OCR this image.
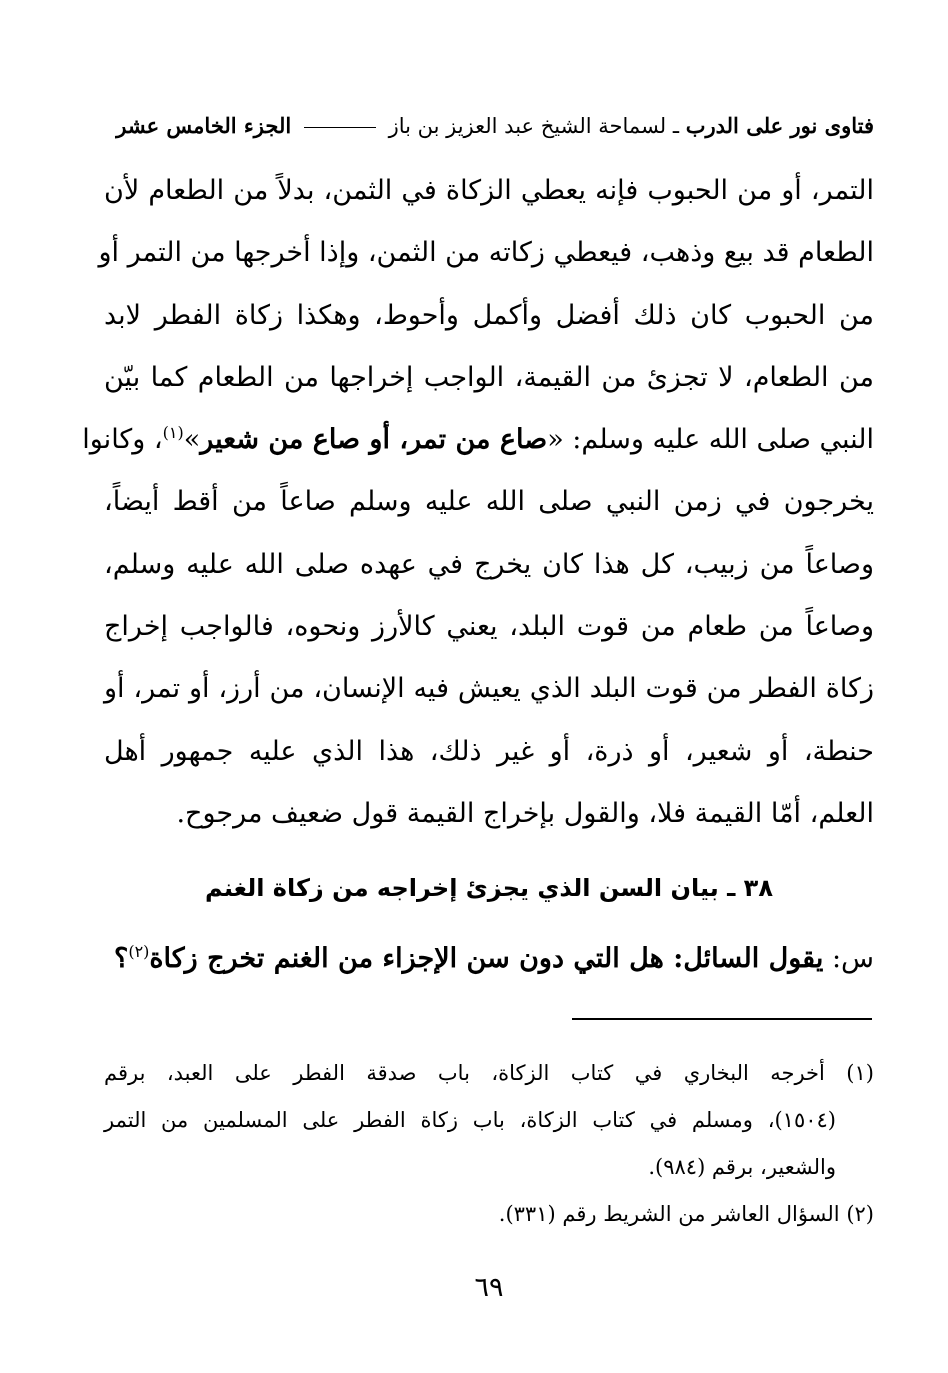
فتاوى نور على الدرب ـ لسماحة الشيخ عبد العزيز بن باز  الجزء الخامس عشر
التمر، أو من الحبوب فإنه يعطي الزكاة في الثمن، بدلاً من الطعام لأن
الطعام قد بيع وذهب، فيعطي زكاته من الثمن، وإذا أخرجها من التمر أو
من الحبوب كان ذلك أفضل وأكمل وأحوط، وهكذا زكاة الفطر لابد
من الطعام، لا تجزئ من القيمة، الواجب إخراجها من الطعام كما بيّن
النبي صلى الله عليه وسلم: «صاع من تمر، أو صاع من شعير»$^{(١)}$، وكانوا
يخرجون في زمن النبي صلى الله عليه وسلم صاعاً من أقط أيضاً،
وصاعاً من زبيب، كل هذا كان يخرج في عهده صلى الله عليه وسلم،
وصاعاً من طعام من قوت البلد، يعني كالأرز ونحوه، فالواجب إخراج
زكاة الفطر من قوت البلد الذي يعيش فيه الإنسان، من أرز، أو تمر، أو
حنطة، أو شعير، أو ذرة، أو غير ذلك، هذا الذي عليه جمهور أهل
العلم، أمّا القيمة فلا، والقول بإخراج القيمة قول ضعيف مرجوح.
٣٨ ـ بيان السن الذي يجزئ إخراجه من زكاة الغنم
س: يقول السائل: هل التي دون سن الإجزاء من الغنم تخرج زكاة$^{(٢)}$؟
(١) أخرجه البخاري في كتاب الزكاة، باب صدقة الفطر على العبد، برقم
(١٥٠٤)، ومسلم في كتاب الزكاة، باب زكاة الفطر على المسلمين من التمر
والشعير، برقم (٩٨٤).
(٢) السؤال العاشر من الشريط رقم (٣٣١).
٦٩
